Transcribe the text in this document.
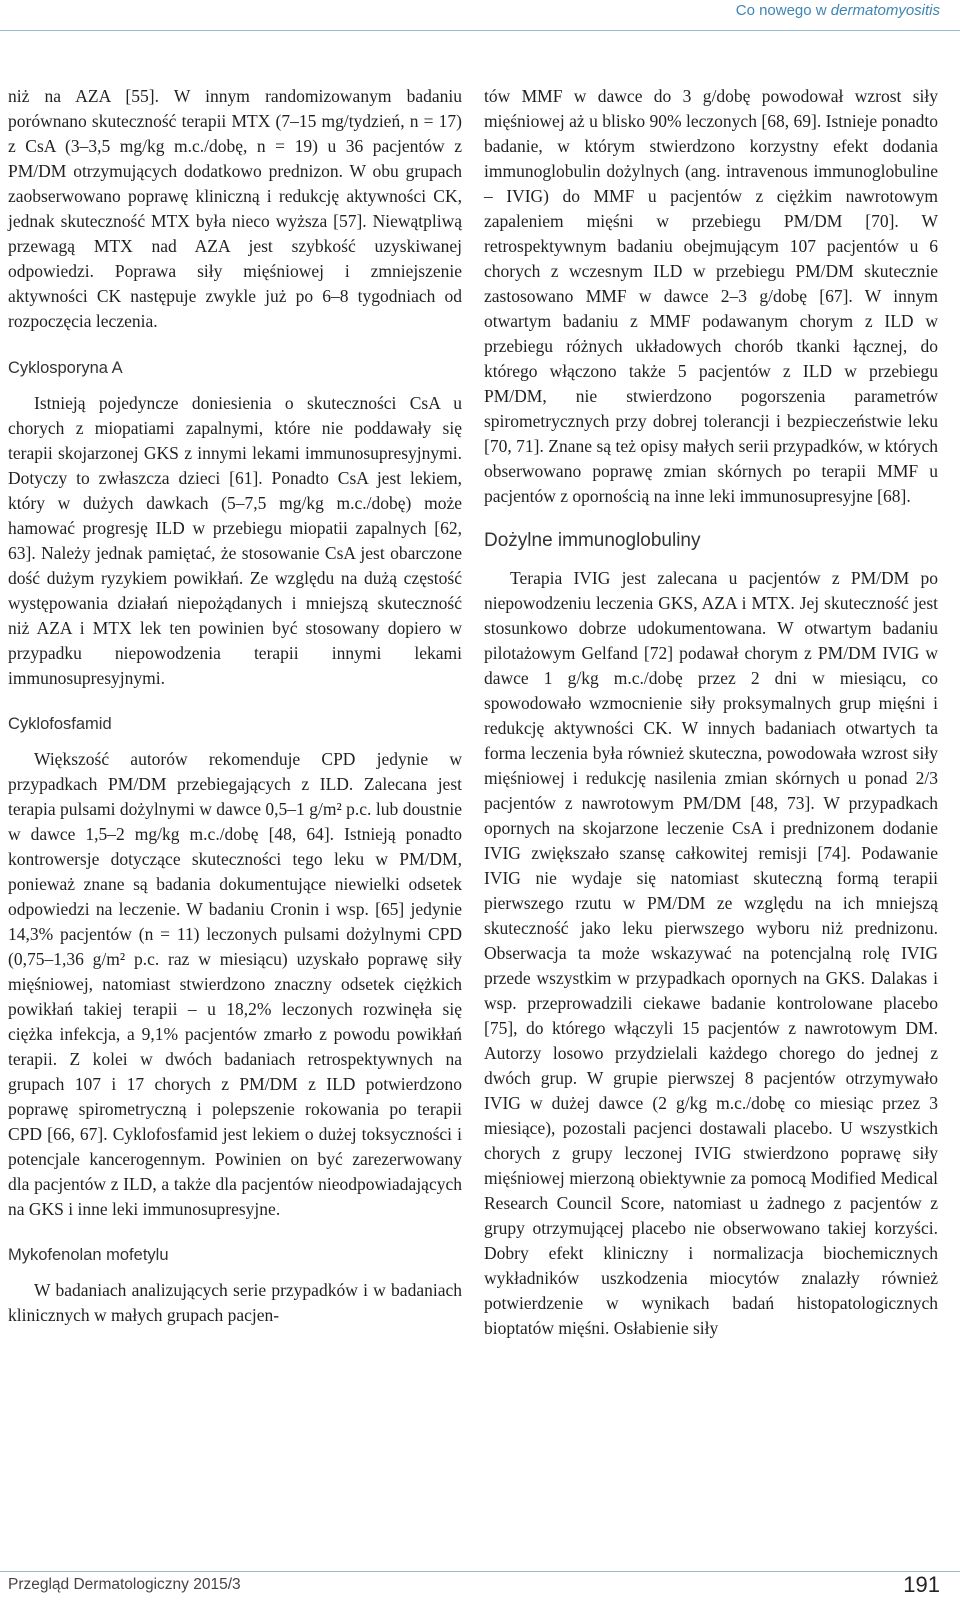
Co nowego w dermatomyositis

niż na AZA [55]. W innym randomizowanym badaniu porównano skuteczność terapii MTX (7–15 mg/tydzień, n = 17) z CsA (3–3,5 mg/kg m.c./dobę, n = 19) u 36 pacjentów z PM/DM otrzymujących dodatkowo prednizon. W obu grupach zaobserwowano poprawę kliniczną i redukcję aktywności CK, jednak skuteczność MTX była nieco wyższa [57]. Niewątpliwą przewagą MTX nad AZA jest szybkość uzyskiwanej odpowiedzi. Poprawa siły mięśniowej i zmniejszenie aktywności CK następuje zwykle już po 6–8 tygodniach od rozpoczęcia leczenia.

Cyklosporyna A

Istnieją pojedyncze doniesienia o skuteczności CsA u chorych z miopatiami zapalnymi, które nie poddawały się terapii skojarzonej GKS z innymi lekami immunosupresyjnymi. Dotyczy to zwłaszcza dzieci [61]. Ponadto CsA jest lekiem, który w dużych dawkach (5–7,5 mg/kg m.c./dobę) może hamować progresję ILD w przebiegu miopatii zapalnych [62, 63]. Należy jednak pamiętać, że stosowanie CsA jest obarczone dość dużym ryzykiem powikłań. Ze względu na dużą częstość występowania działań niepożądanych i mniejszą skuteczność niż AZA i MTX lek ten powinien być stosowany dopiero w przypadku niepowodzenia terapii innymi lekami immunosupresyjnymi.

Cyklofosfamid

Większość autorów rekomenduje CPD jedynie w przypadkach PM/DM przebiegających z ILD. Zalecana jest terapia pulsami dożylnymi w dawce 0,5–1 g/m² p.c. lub doustnie w dawce 1,5–2 mg/kg m.c./dobę [48, 64]. Istnieją ponadto kontrowersje dotyczące skuteczności tego leku w PM/DM, ponieważ znane są badania dokumentujące niewielki odsetek odpowiedzi na leczenie. W badaniu Cronin i wsp. [65] jedynie 14,3% pacjentów (n = 11) leczonych pulsami dożylnymi CPD (0,75–1,36 g/m² p.c. raz w miesiącu) uzyskało poprawę siły mięśniowej, natomiast stwierdzono znaczny odsetek ciężkich powikłań takiej terapii – u 18,2% leczonych rozwinęła się ciężka infekcja, a 9,1% pacjentów zmarło z powodu powikłań terapii. Z kolei w dwóch badaniach retrospektywnych na grupach 107 i 17 chorych z PM/DM z ILD potwierdzono poprawę spirometryczną i polepszenie rokowania po terapii CPD [66, 67]. Cyklofosfamid jest lekiem o dużej toksyczności i potencjale kancerogennym. Powinien on być zarezerwowany dla pacjentów z ILD, a także dla pacjentów nieodpowiadających na GKS i inne leki immunosupresyjne.

Mykofenolan mofetylu

W badaniach analizujących serie przypadków i w badaniach klinicznych w małych grupach pacjen-

tów MMF w dawce do 3 g/dobę powodował wzrost siły mięśniowej aż u blisko 90% leczonych [68, 69]. Istnieje ponadto badanie, w którym stwierdzono korzystny efekt dodania immunoglobulin dożylnych (ang. intravenous immunoglobuline – IVIG) do MMF u pacjentów z ciężkim nawrotowym zapaleniem mięśni w przebiegu PM/DM [70]. W retrospektywnym badaniu obejmującym 107 pacjentów u 6 chorych z wczesnym ILD w przebiegu PM/DM skutecznie zastosowano MMF w dawce 2–3 g/dobę [67]. W innym otwartym badaniu z MMF podawanym chorym z ILD w przebiegu różnych układowych chorób tkanki łącznej, do którego włączono także 5 pacjentów z ILD w przebiegu PM/DM, nie stwierdzono pogorszenia parametrów spirometrycznych przy dobrej tolerancji i bezpieczeństwie leku [70, 71]. Znane są też opisy małych serii przypadków, w których obserwowano poprawę zmian skórnych po terapii MMF u pacjentów z opornością na inne leki immunosupresyjne [68].

Dożylne immunoglobuliny

Terapia IVIG jest zalecana u pacjentów z PM/DM po niepowodzeniu leczenia GKS, AZA i MTX. Jej skuteczność jest stosunkowo dobrze udokumentowana. W otwartym badaniu pilotażowym Gelfand [72] podawał chorym z PM/DM IVIG w dawce 1 g/kg m.c./dobę przez 2 dni w miesiącu, co spowodowało wzmocnienie siły proksymalnych grup mięśni i redukcję aktywności CK. W innych badaniach otwartych ta forma leczenia była również skuteczna, powodowała wzrost siły mięśniowej i redukcję nasilenia zmian skórnych u ponad 2/3 pacjentów z nawrotowym PM/DM [48, 73]. W przypadkach opornych na skojarzone leczenie CsA i prednizonem dodanie IVIG zwiększało szansę całkowitej remisji [74]. Podawanie IVIG nie wydaje się natomiast skuteczną formą terapii pierwszego rzutu w PM/DM ze względu na ich mniejszą skuteczność jako leku pierwszego wyboru niż prednizonu. Obserwacja ta może wskazywać na potencjalną rolę IVIG przede wszystkim w przypadkach opornych na GKS. Dalakas i wsp. przeprowadzili ciekawe badanie kontrolowane placebo [75], do którego włączyli 15 pacjentów z nawrotowym DM. Autorzy losowo przydzielali każdego chorego do jednej z dwóch grup. W grupie pierwszej 8 pacjentów otrzymywało IVIG w dużej dawce (2 g/kg m.c./dobę co miesiąc przez 3 miesiące), pozostali pacjenci dostawali placebo. U wszystkich chorych z grupy leczonej IVIG stwierdzono poprawę siły mięśniowej mierzoną obiektywnie za pomocą Modified Medical Research Council Score, natomiast u żadnego z pacjentów z grupy otrzymującej placebo nie obserwowano takiej korzyści. Dobry efekt kliniczny i normalizacja biochemicznych wykładników uszkodzenia miocytów znalazły również potwierdzenie w wynikach badań histopatologicznych bioptatów mięśni. Osłabienie siły

Przegląd Dermatologiczny 2015/3	191
